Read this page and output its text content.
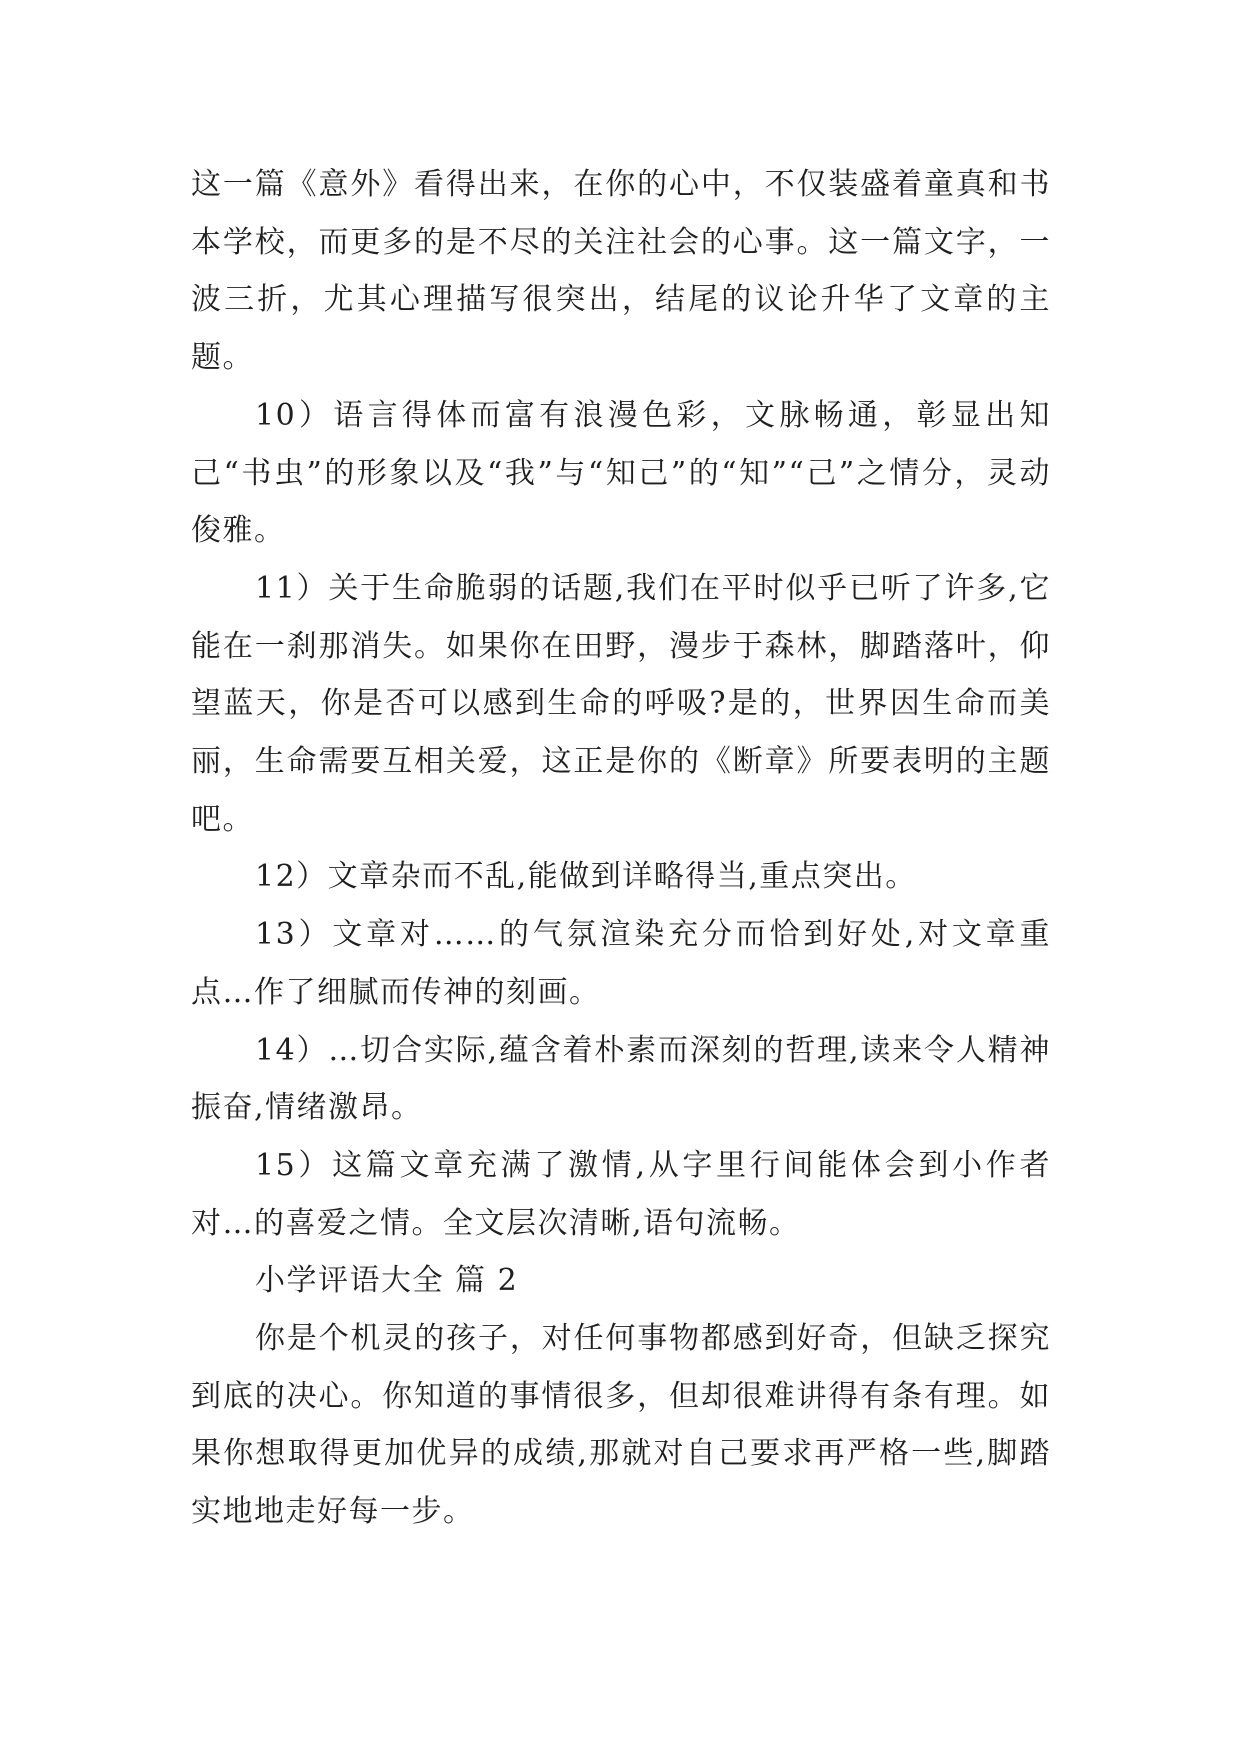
这一篇《意外》看得出来，在你的心中，不仅装盛着童真和书本学校，而更多的是不尽的关注社会的心事。这一篇文字，一波三折，尤其心理描写很突出，结尾的议论升华了文章的主题。

10）语言得体而富有浪漫色彩，文脉畅通，彰显出知己“书虫”的形象以及“我”与“知己”的“知”“己”之情分，灵动俊雅。

11）关于生命脆弱的话题,我们在平时似乎已听了许多,它能在一刹那消失。如果你在田野，漫步于森林，脚踏落叶，仰望蓝天，你是否可以感到生命的呼吸?是的，世界因生命而美丽，生命需要互相关爱，这正是你的《断章》所要表明的主题吧。

12）文章杂而不乱,能做到详略得当,重点突出。

13）文章对……的气氛渲染充分而恰到好处,对文章重点…作了细腻而传神的刻画。

14）…切合实际,蕴含着朴素而深刻的哲理,读来令人精神振奋,情绪激昂。

15）这篇文章充满了激情,从字里行间能体会到小作者对…的喜爱之情。全文层次清晰,语句流畅。

小学评语大全 篇 2

你是个机灵的孩子，对任何事物都感到好奇，但缺乏探究到底的决心。你知道的事情很多，但却很难讲得有条有理。如果你想取得更加优异的成绩,那就对自己要求再严格一些,脚踏实地地走好每一步。
